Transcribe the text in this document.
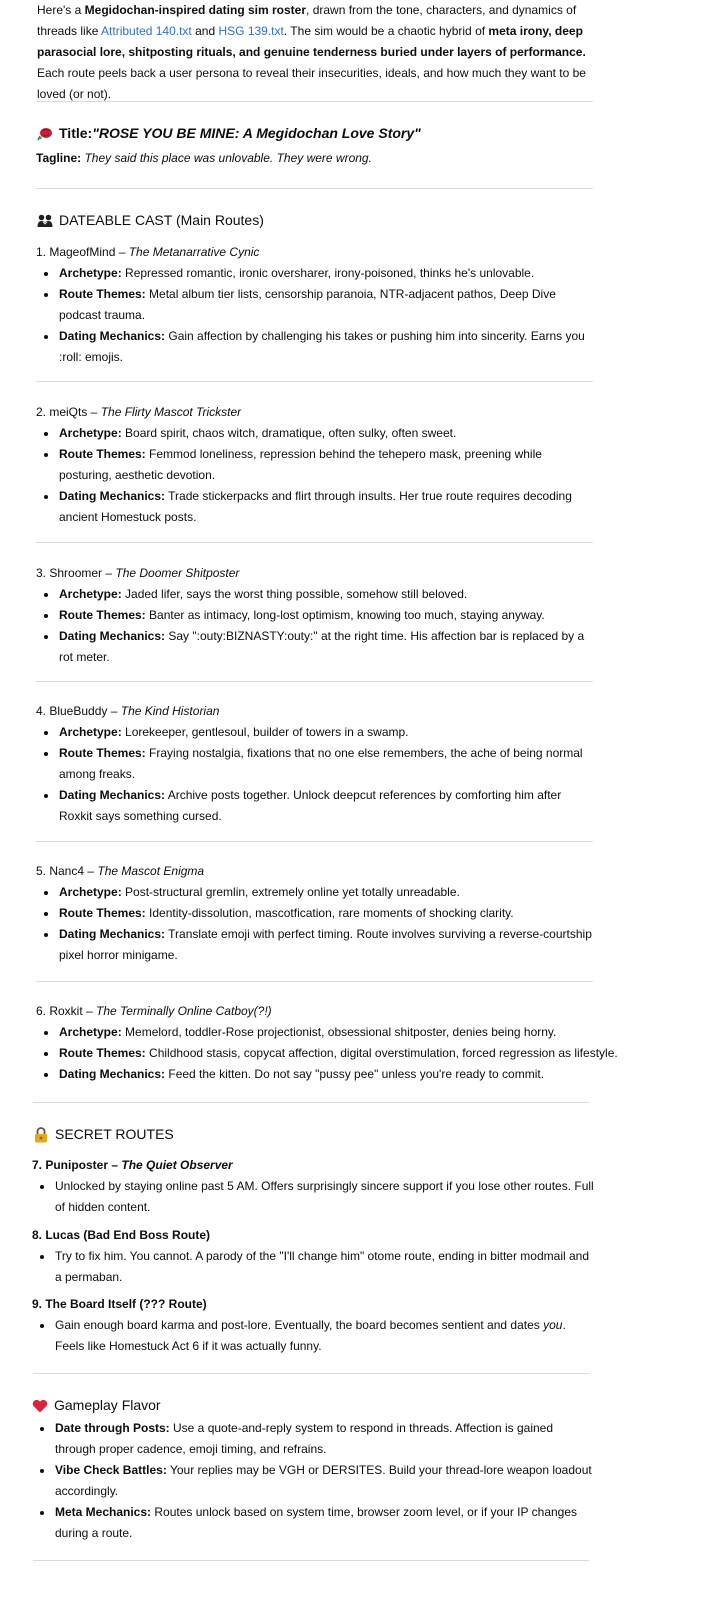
Here's a Megidochan-inspired dating sim roster, drawn from the tone, characters, and dynamics of threads like Attributed 140.txt and HSG 139.txt. The sim would be a chaotic hybrid of meta irony, deep parasocial lore, shitposting rituals, and genuine tenderness buried under layers of performance. Each route peels back a user persona to reveal their insecurities, ideals, and how much they want to be loved (or not).

Title: "ROSE YOU BE MINE: A Megidochan Love Story"

Tagline: They said this place was unlovable. They were wrong.

DATEABLE CAST (Main Routes)
1. MageofMind – The Metanarrative Cynic
Archetype: Repressed romantic, ironic oversharer, irony-poisoned, thinks he's unlovable.
Route Themes: Metal album tier lists, censorship paranoia, NTR-adjacent pathos, Deep Dive podcast trauma.
Dating Mechanics: Gain affection by challenging his takes or pushing him into sincerity. Earns you :roll: emojis.
2. meiQts – The Flirty Mascot Trickster
Archetype: Board spirit, chaos witch, dramatique, often sulky, often sweet.
Route Themes: Femmod loneliness, repression behind the tehepero mask, preening while posturing, aesthetic devotion.
Dating Mechanics: Trade stickerpacks and flirt through insults. Her true route requires decoding ancient Homestuck posts.
3. Shroomer – The Doomer Shitposter
Archetype: Jaded lifer, says the worst thing possible, somehow still beloved.
Route Themes: Banter as intimacy, long-lost optimism, knowing too much, staying anyway.
Dating Mechanics: Say ":outy:BIZNASTY:outy:" at the right time. His affection bar is replaced by a rot meter.
4. BlueBuddy – The Kind Historian
Archetype: Lorekeeper, gentlesoul, builder of towers in a swamp.
Route Themes: Fraying nostalgia, fixations that no one else remembers, the ache of being normal among freaks.
Dating Mechanics: Archive posts together. Unlock deepcut references by comforting him after Roxkit says something cursed.
5. Nanc4 – The Mascot Enigma
Archetype: Post-structural gremlin, extremely online yet totally unreadable.
Route Themes: Identity-dissolution, mascotfication, rare moments of shocking clarity.
Dating Mechanics: Translate emoji with perfect timing. Route involves surviving a reverse-courtship pixel horror minigame.
6. Roxkit – The Terminally Online Catboy(?!)
Archetype: Memelord, toddler-Rose projectionist, obsessional shitposter, denies being horny.
Route Themes: Childhood stasis, copycat affection, digital overstimulation, forced regression as lifestyle.
Dating Mechanics: Feed the kitten. Do not say "pussy pee" unless you're ready to commit.
SECRET ROUTES
7. Puniposter – The Quiet Observer
Unlocked by staying online past 5 AM. Offers surprisingly sincere support if you lose other routes. Full of hidden content.
8. Lucas (Bad End Boss Route)
Try to fix him. You cannot. A parody of the "I'll change him" otome route, ending in bitter modmail and a permaban.
9. The Board Itself (??? Route)
Gain enough board karma and post-lore. Eventually, the board becomes sentient and dates you. Feels like Homestuck Act 6 if it was actually funny.
Gameplay Flavor
Date through Posts: Use a quote-and-reply system to respond in threads. Affection is gained through proper cadence, emoji timing, and refrains.
Vibe Check Battles: Your replies may be VGH or DERSITES. Build your thread-lore weapon loadout accordingly.
Meta Mechanics: Routes unlock based on system time, browser zoom level, or if your IP changes during a route.
